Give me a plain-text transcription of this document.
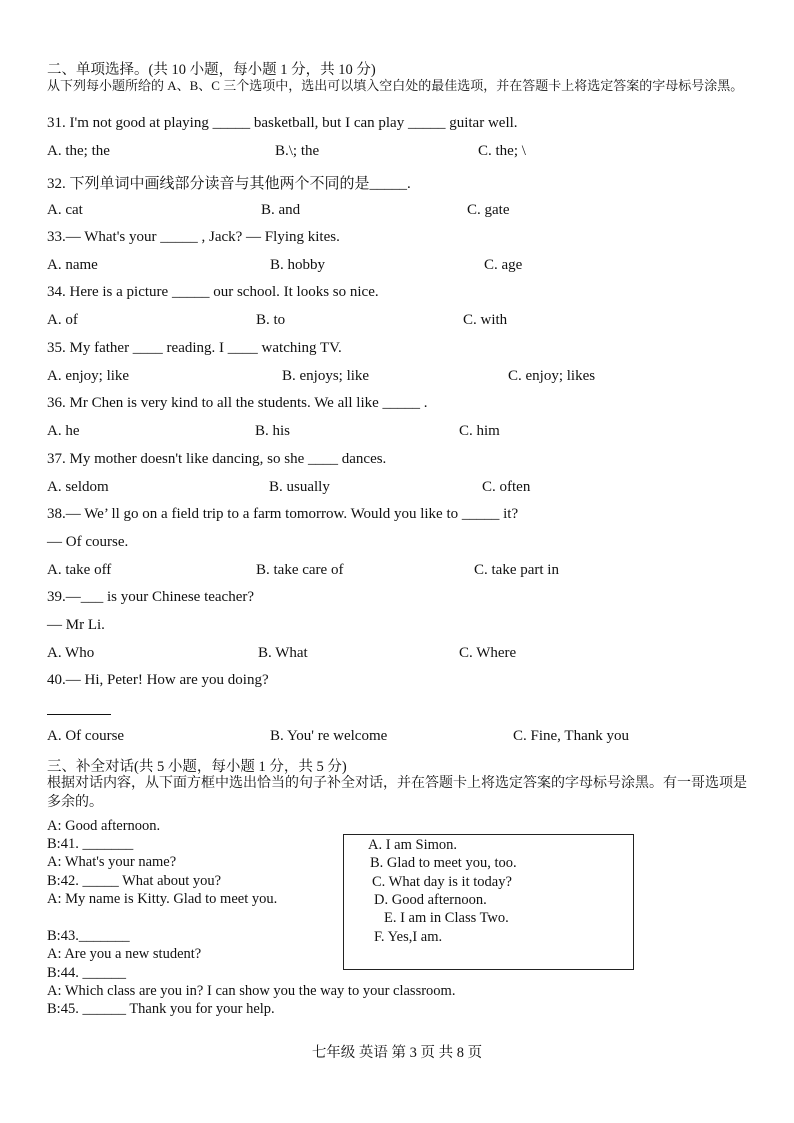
二、单项选择。(共 10 小题，每小题 1 分，共 10 分)
从下列每小题所给的 A、B、C 三个选项中，选出可以填入空白处的最佳选项，并在答题卡上将选定答案的字母标号涂黑。
31. I'm not good at playing _____ basketball, but I can play _____ guitar well.
A. the; the	B.\; the	C. the; \
32. 下列单词中画线部分读音与其他两个不同的是_____.
A. cat	B. and	C. gate
33.— What's your _____ , Jack? — Flying kites.
A. name	B. hobby	C. age
34. Here is a picture _____ our school. It looks so nice.
A. of	B. to	C. with
35. My father ____ reading. I ____ watching TV.
A. enjoy; like	B. enjoys; like	C. enjoy; likes
36. Mr Chen is very kind to all the students. We all like _____ .
A. he	B. his	C. him
37. My mother doesn't like dancing, so she ____ dances.
A. seldom	B. usually	C. often
38.— We’ ll go on a field trip to a farm tomorrow. Would you like to _____ it?
— Of course.
A. take off	B. take care of	C. take part in
39.—___ is your Chinese teacher?
— Mr Li.
A. Who	B. What	C. Where
40.— Hi, Peter! How are you doing?
A. Of course	B. You' re welcome	C. Fine, Thank you
三、补全对话(共 5 小题，每小题 1 分，共 5 分)
根据对话内容，从下面方框中选出恰当的句子补全对话，并在答题卡上将选定答案的字母标号涂黑。有一哥选项是多余的。
A: Good afternoon.
B:41. _______
A: What's your name?
B:42. _____ What about you?
A: My name is Kitty. Glad to meet you.
B:43._______
A: Are you a new student?
B:44. ______
A: Which class are you in? I can show you the way to your classroom.
B:45. ______ Thank you for your help.
A. I am Simon.
B. Glad to meet you, too.
C. What day is it today?
D. Good afternoon.
E. I am in Class Two.
F. Yes,I am.
七年级 英语 第 3 页 共 8 页
